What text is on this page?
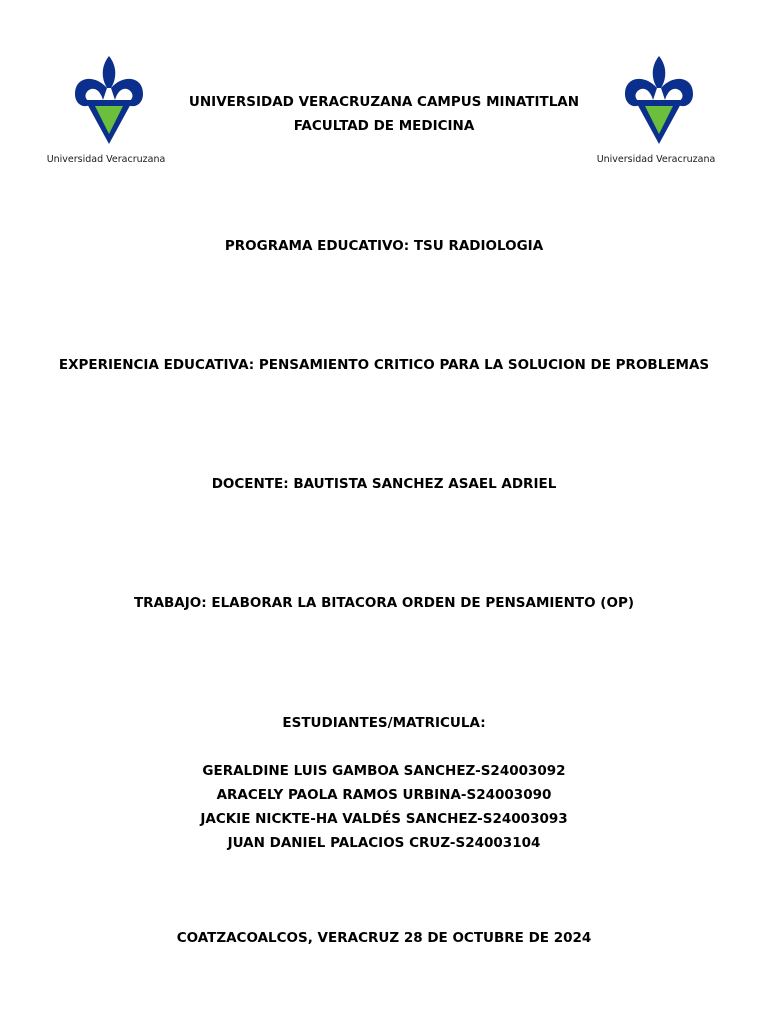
Universidad Veracruzana	Universidad Veracruzana
UNIVERSIDAD VERACRUZANA CAMPUS MINATITLAN
FACULTAD DE MEDICINA
PROGRAMA EDUCATIVO: TSU RADIOLOGIA
EXPERIENCIA EDUCATIVA: PENSAMIENTO CRITICO PARA LA SOLUCION DE PROBLEMAS
DOCENTE: BAUTISTA SANCHEZ ASAEL ADRIEL
TRABAJO: ELABORAR LA BITACORA ORDEN DE PENSAMIENTO (OP)
ESTUDIANTES/MATRICULA:
GERALDINE LUIS GAMBOA SANCHEZ-S24003092
ARACELY PAOLA RAMOS URBINA-S24003090
JACKIE NICKTE-HA VALDÉS SANCHEZ-S24003093
JUAN DANIEL PALACIOS CRUZ-S24003104
COATZACOALCOS, VERACRUZ 28 DE OCTUBRE DE 2024
